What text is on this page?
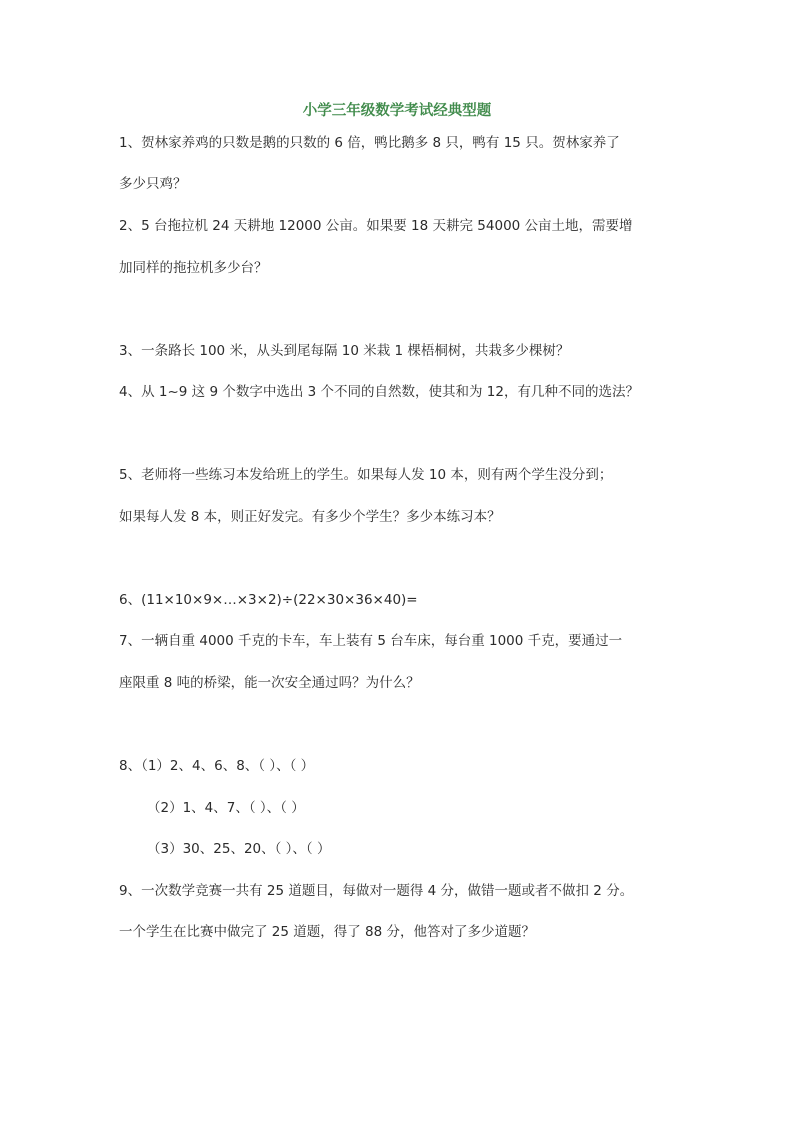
小学三年级数学考试经典型题
1、贺林家养鸡的只数是鹅的只数的 6 倍，鸭比鹅多 8 只，鸭有 15 只。贺林家养了
多少只鸡？
2、5 台拖拉机 24 天耕地 12000 公亩。如果要 18 天耕完 54000 公亩土地，需要增
加同样的拖拉机多少台？
3、一条路长 100 米，从头到尾每隔 10 米栽 1 棵梧桐树，共栽多少棵树？
4、从 1~9 这 9 个数字中选出 3 个不同的自然数，使其和为 12，有几种不同的选法？
5、老师将一些练习本发给班上的学生。如果每人发 10 本，则有两个学生没分到；
如果每人发 8 本，则正好发完。有多少个学生？多少本练习本？
6、(11×10×9×…×3×2)÷(22×30×36×40)=
7、一辆自重 4000 千克的卡车，车上装有 5 台车床，每台重 1000 千克，要通过一
座限重 8 吨的桥梁，能一次安全通过吗？为什么？
8、（1）2、4、6、8、（ ）、（ ）
（2）1、4、7、（ ）、（ ）
（3）30、25、20、（ ）、（ ）
9、一次数学竞赛一共有 25 道题目，每做对一题得 4 分，做错一题或者不做扣 2 分。
一个学生在比赛中做完了 25 道题，得了 88 分，他答对了多少道题？
